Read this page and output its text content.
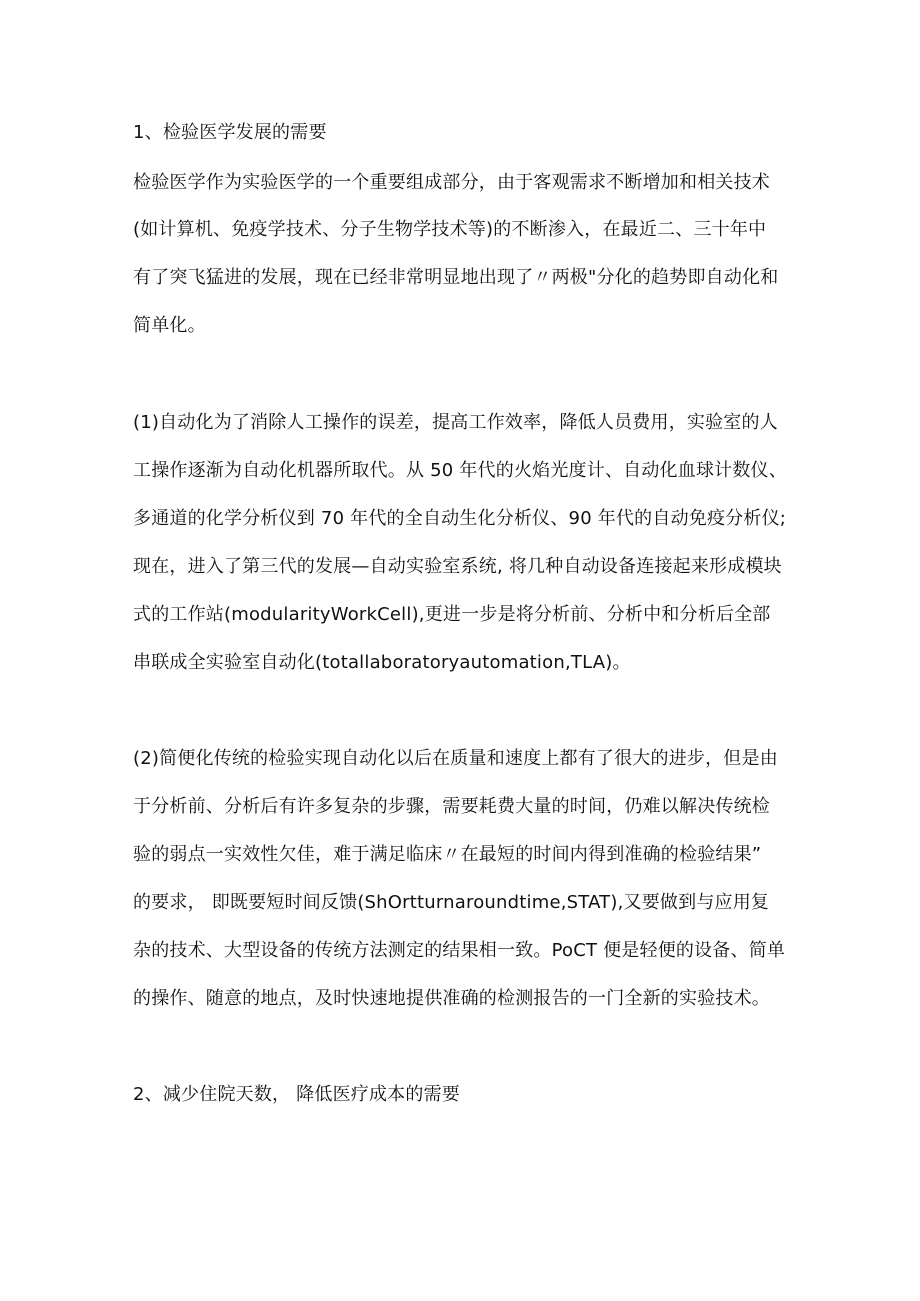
1、检验医学发展的需要
检验医学作为实验医学的一个重要组成部分，由于客观需求不断增加和相关技术
(如计算机、免疫学技术、分子生物学技术等)的不断渗入，在最近二、三十年中
有了突飞猛进的发展，现在已经非常明显地出现了〃两极"分化的趋势即自动化和
简单化。
(1)自动化为了消除人工操作的误差，提高工作效率，降低人员费用，实验室的人
工操作逐渐为自动化机器所取代。从 50 年代的火焰光度计、自动化血球计数仪、
多通道的化学分析仪到 70 年代的全自动生化分析仪、90 年代的自动免疫分析仪;
现在，进入了第三代的发展—自动实验室系统, 将几种自动设备连接起来形成模块
式的工作站(modularityWorkCell),更进一步是将分析前、分析中和分析后全部
串联成全实验室自动化(totallaboratoryautomation,TLA)。
(2)简便化传统的检验实现自动化以后在质量和速度上都有了很大的进步，但是由
于分析前、分析后有许多复杂的步骤，需要耗费大量的时间，仍难以解决传统检
验的弱点一实效性欠佳，难于满足临床〃在最短的时间内得到准确的检验结果”
的要求， 即既要短时间反馈(ShOrtturnaroundtime,STAT),又要做到与应用复
杂的技术、大型设备的传统方法测定的结果相一致。PoCT 便是轻便的设备、简单
的操作、随意的地点，及时快速地提供准确的检测报告的一门全新的实验技术。
2、减少住院天数， 降低医疗成本的需要
